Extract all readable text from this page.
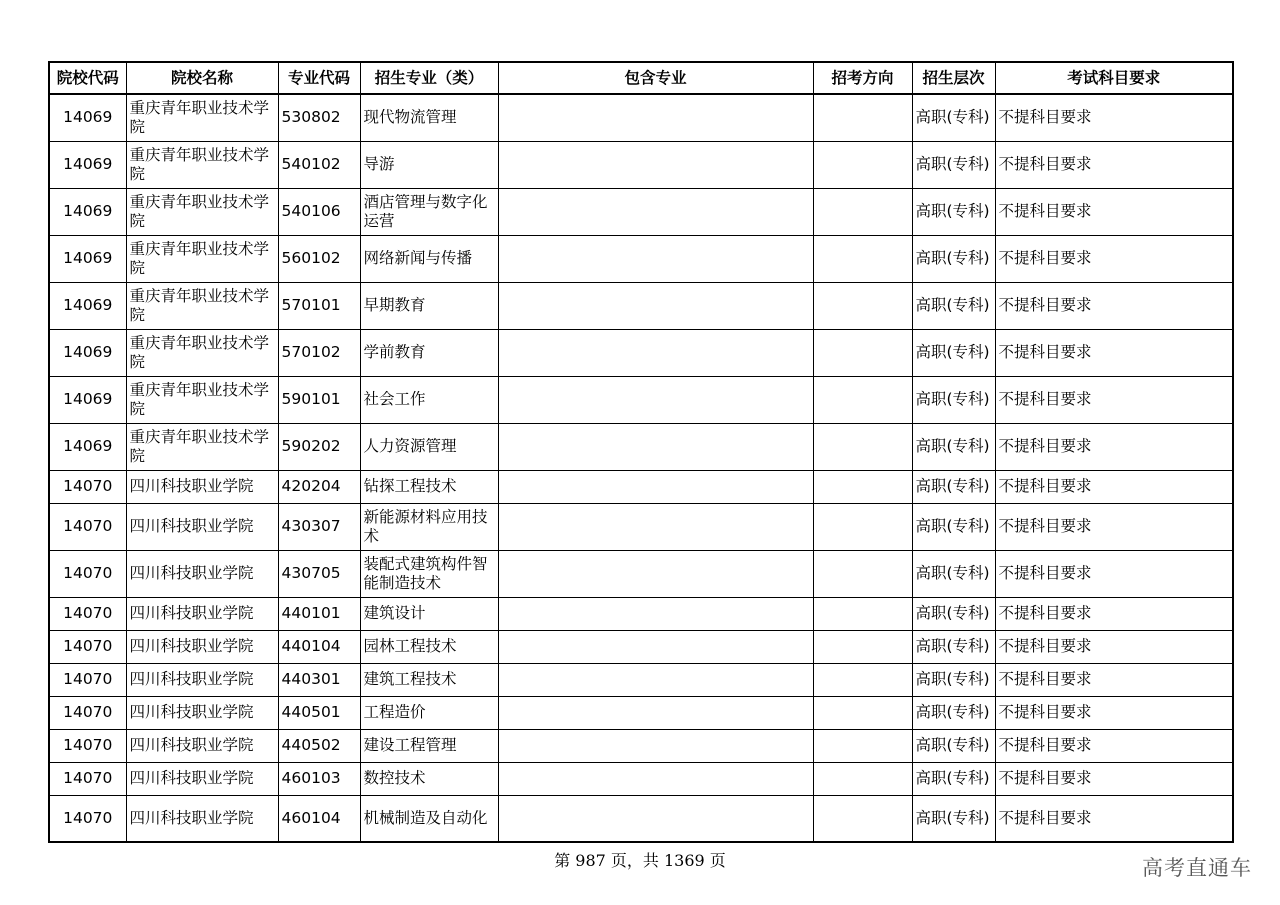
院校代码	院校名称	专业代码	招生专业（类）	包含专业	招考方向	招生层次	考试科目要求
14069	重庆青年职业技术学院	530802	现代物流管理			高职(专科)	不提科目要求
14069	重庆青年职业技术学院	540102	导游			高职(专科)	不提科目要求
14069	重庆青年职业技术学院	540106	酒店管理与数字化运营			高职(专科)	不提科目要求
14069	重庆青年职业技术学院	560102	网络新闻与传播			高职(专科)	不提科目要求
14069	重庆青年职业技术学院	570101	早期教育			高职(专科)	不提科目要求
14069	重庆青年职业技术学院	570102	学前教育			高职(专科)	不提科目要求
14069	重庆青年职业技术学院	590101	社会工作			高职(专科)	不提科目要求
14069	重庆青年职业技术学院	590202	人力资源管理			高职(专科)	不提科目要求
14070	四川科技职业学院	420204	钻探工程技术			高职(专科)	不提科目要求
14070	四川科技职业学院	430307	新能源材料应用技术			高职(专科)	不提科目要求
14070	四川科技职业学院	430705	装配式建筑构件智能制造技术			高职(专科)	不提科目要求
14070	四川科技职业学院	440101	建筑设计			高职(专科)	不提科目要求
14070	四川科技职业学院	440104	园林工程技术			高职(专科)	不提科目要求
14070	四川科技职业学院	440301	建筑工程技术			高职(专科)	不提科目要求
14070	四川科技职业学院	440501	工程造价			高职(专科)	不提科目要求
14070	四川科技职业学院	440502	建设工程管理			高职(专科)	不提科目要求
14070	四川科技职业学院	460103	数控技术			高职(专科)	不提科目要求
14070	四川科技职业学院	460104	机械制造及自动化			高职(专科)	不提科目要求
第 987 页，共 1369 页	高考直通车
